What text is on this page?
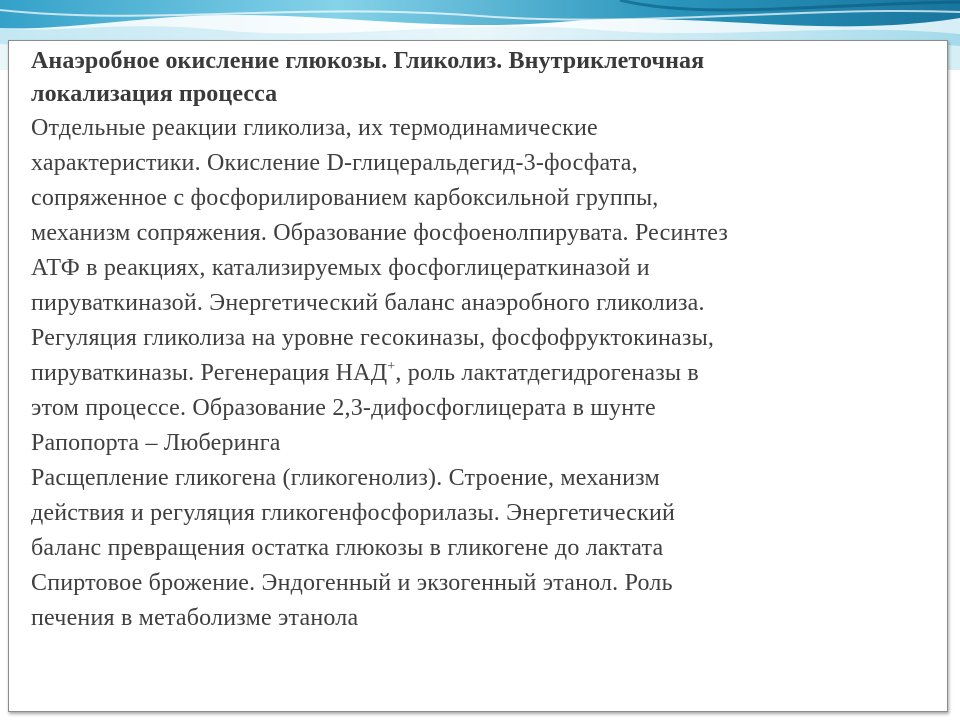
Анаэробное окисление глюкозы. Гликолиз. Внутриклеточная
локализация процесса
Отдельные реакции гликолиза, их термодинамические
характеристики. Окисление D-глицеральдегид-3-фосфата,
сопряженное с фосфорилированием карбоксильной группы,
механизм сопряжения. Образование фосфоенолпирувата. Ресинтез
АТФ в реакциях, катализируемых фосфоглицераткиназой и
пируваткиназой. Энергетический баланс анаэробного гликолиза.
Регуляция гликолиза на уровне гесокиназы, фосфофруктокиназы,
пируваткиназы. Регенерация НАД+, роль лактатдегидрогеназы в
этом процессе. Образование 2,3-дифосфоглицерата в шунте
Рапопорта – Люберинга
Расщепление гликогена (гликогенолиз). Строение, механизм
действия и регуляция гликогенфосфорилазы. Энергетический
баланс превращения остатка глюкозы в гликогене до лактата
Спиртовое брожение. Эндогенный и экзогенный этанол. Роль
печения в метаболизме этанола
